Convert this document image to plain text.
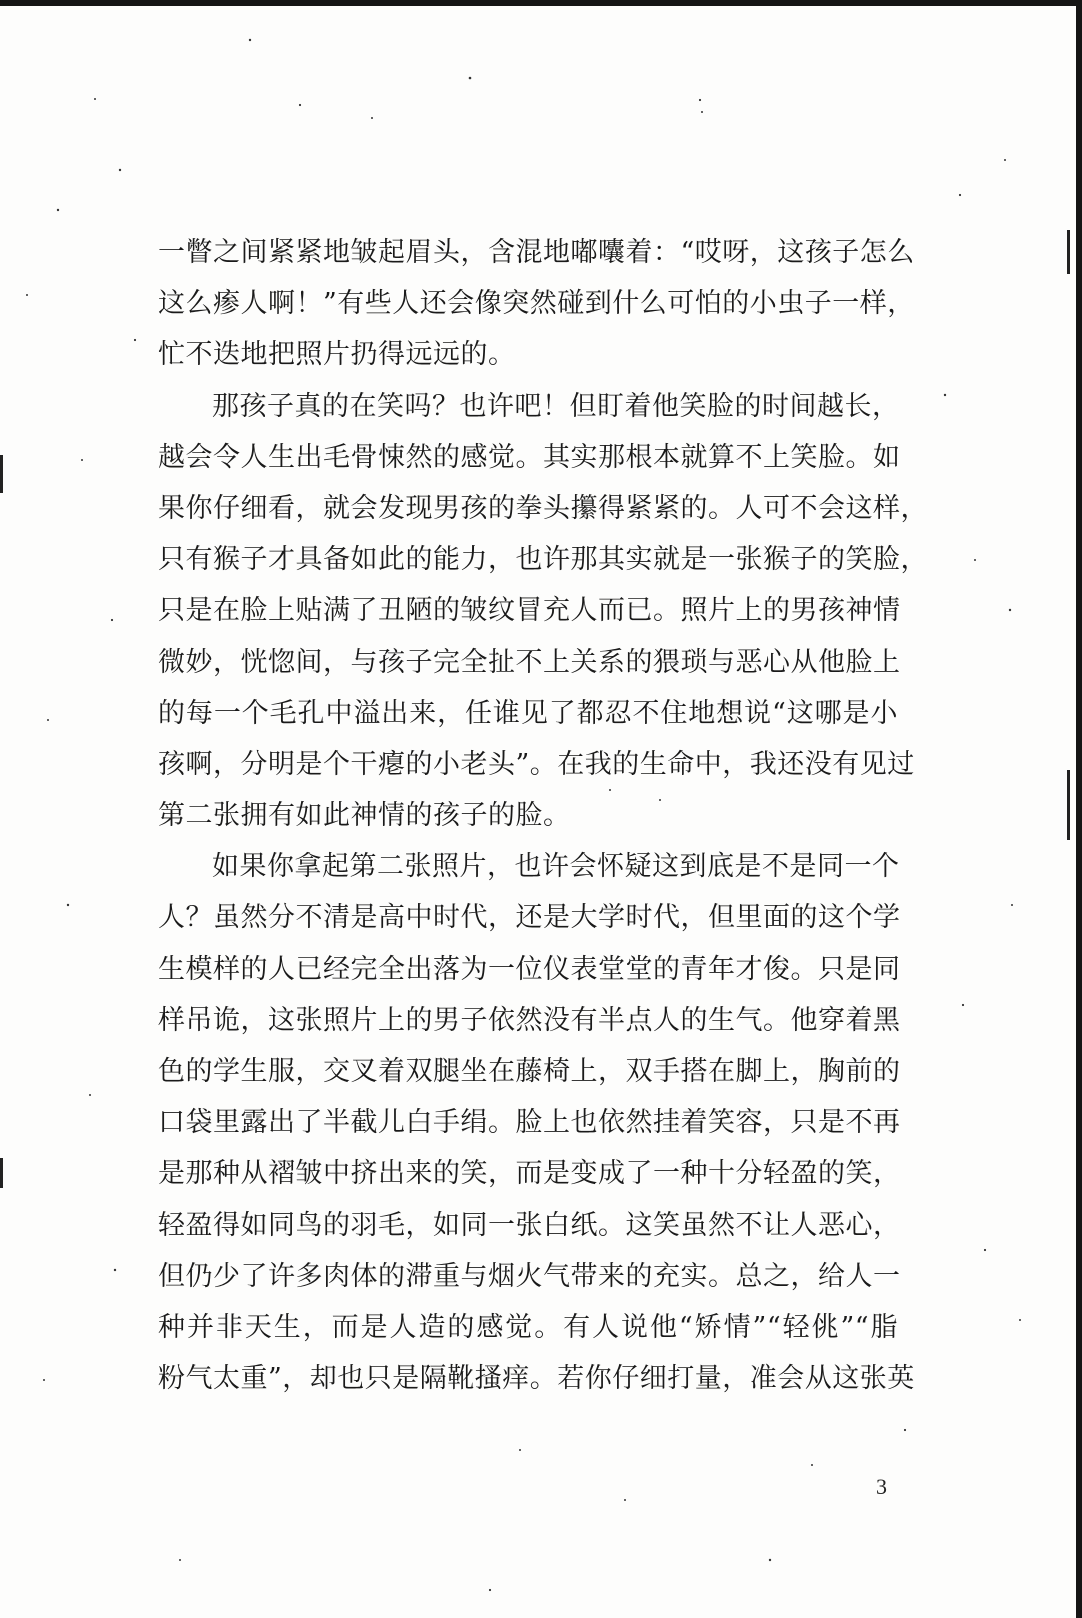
一瞥之间紧紧地皱起眉头，含混地嘟囔着：“哎呀，这孩子怎么
这么瘆人啊！”有些人还会像突然碰到什么可怕的小虫子一样，
忙不迭地把照片扔得远远的。
那孩子真的在笑吗？也许吧！但盯着他笑脸的时间越长，
越会令人生出毛骨悚然的感觉。其实那根本就算不上笑脸。如
果你仔细看，就会发现男孩的拳头攥得紧紧的。人可不会这样，
只有猴子才具备如此的能力，也许那其实就是一张猴子的笑脸，
只是在脸上贴满了丑陋的皱纹冒充人而已。照片上的男孩神情
微妙，恍惚间，与孩子完全扯不上关系的猥琐与恶心从他脸上
的每一个毛孔中溢出来，任谁见了都忍不住地想说“这哪是小
孩啊，分明是个干瘪的小老头”。在我的生命中，我还没有见过
第二张拥有如此神情的孩子的脸。
如果你拿起第二张照片，也许会怀疑这到底是不是同一个
人？虽然分不清是高中时代，还是大学时代，但里面的这个学
生模样的人已经完全出落为一位仪表堂堂的青年才俊。只是同
样吊诡，这张照片上的男子依然没有半点人的生气。他穿着黑
色的学生服，交叉着双腿坐在藤椅上，双手搭在脚上，胸前的
口袋里露出了半截儿白手绢。脸上也依然挂着笑容，只是不再
是那种从褶皱中挤出来的笑，而是变成了一种十分轻盈的笑，
轻盈得如同鸟的羽毛，如同一张白纸。这笑虽然不让人恶心，
但仍少了许多肉体的滞重与烟火气带来的充实。总之，给人一
种并非天生，而是人造的感觉。有人说他“矫情”“轻佻”“脂
粉气太重”，却也只是隔靴搔痒。若你仔细打量，准会从这张英
3
